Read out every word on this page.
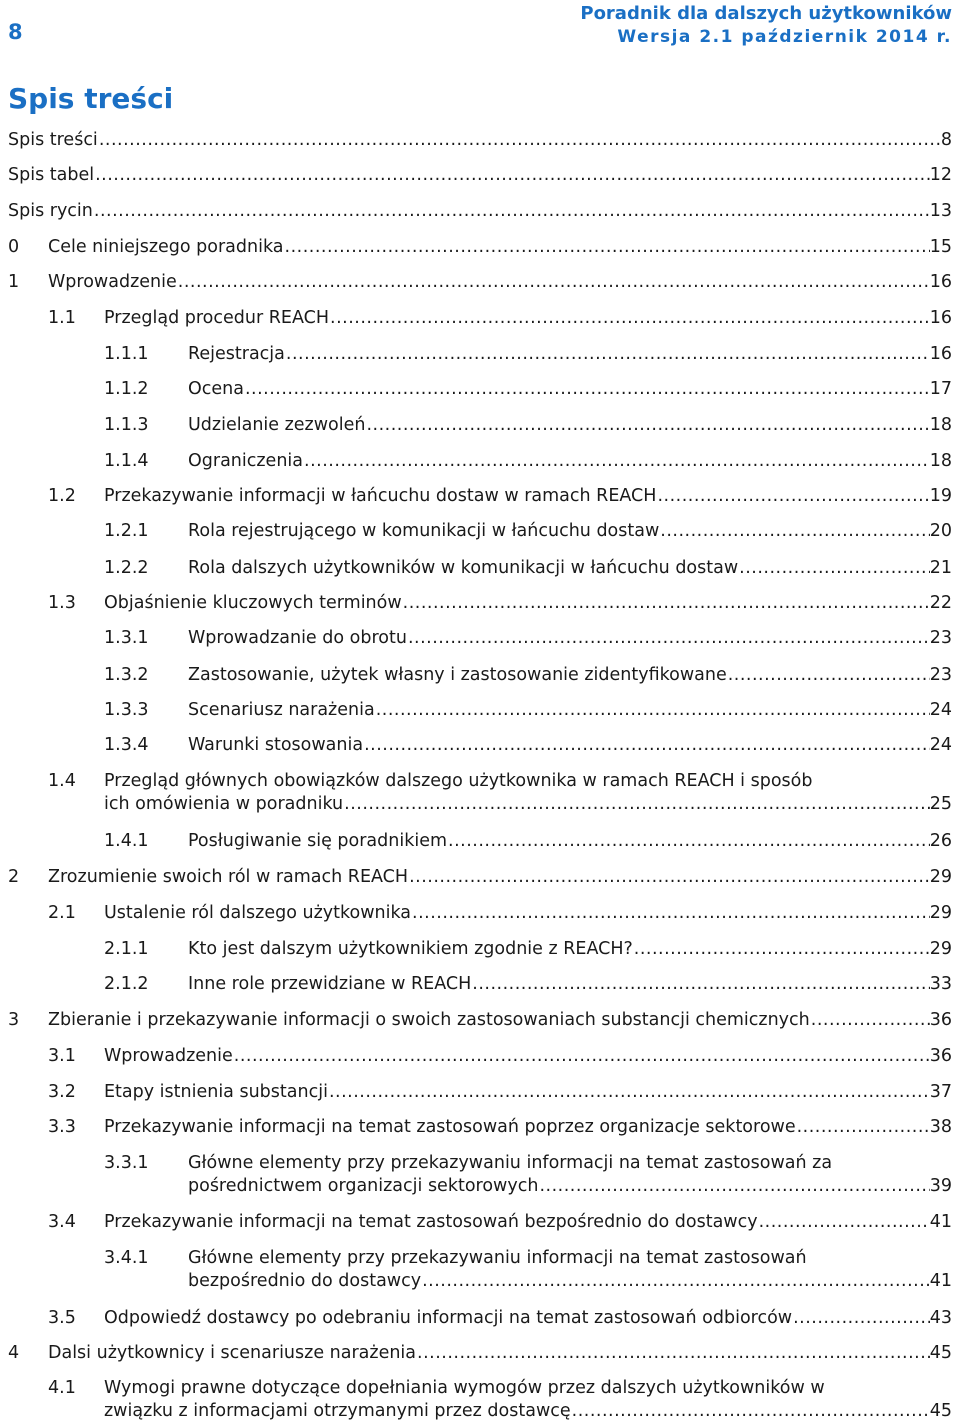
8
Poradnik dla dalszych użytkowników
Wersja 2.1 październik 2014 r.
Spis treści
Spis treści .....	8
Spis tabel .....	12
Spis rycin .....	13
0 Cele niniejszego poradnika .....	15
1 Wprowadzenie .....	16
1.1 Przegląd procedur REACH .....	16
1.1.1 Rejestracja .....	16
1.1.2 Ocena .....	17
1.1.3 Udzielanie zezwoleń .....	18
1.1.4 Ograniczenia .....	18
1.2 Przekazywanie informacji w łańcuchu dostaw w ramach REACH .....	19
1.2.1 Rola rejestrującego w komunikacji w łańcuchu dostaw .....	20
1.2.2 Rola dalszych użytkowników w komunikacji w łańcuchu dostaw .....	21
1.3 Objaśnienie kluczowych terminów .....	22
1.3.1 Wprowadzanie do obrotu .....	23
1.3.2 Zastosowanie, użytek własny i zastosowanie zidentyfikowane .....	23
1.3.3 Scenariusz narażenia .....	24
1.3.4 Warunki stosowania .....	24
1.4 Przegląd głównych obowiązków dalszego użytkownika w ramach REACH i sposób
ich omówienia w poradniku .....	25
1.4.1 Posługiwanie się poradnikiem .....	26
2 Zrozumienie swoich ról w ramach REACH .....	29
2.1 Ustalenie ról dalszego użytkownika .....	29
2.1.1 Kto jest dalszym użytkownikiem zgodnie z REACH? .....	29
2.1.2 Inne role przewidziane w REACH .....	33
3 Zbieranie i przekazywanie informacji o swoich zastosowaniach substancji chemicznych .....	36
3.1 Wprowadzenie .....	36
3.2 Etapy istnienia substancji .....	37
3.3 Przekazywanie informacji na temat zastosowań poprzez organizacje sektorowe .....	38
3.3.1 Główne elementy przy przekazywaniu informacji na temat zastosowań za
pośrednictwem organizacji sektorowych .....	39
3.4 Przekazywanie informacji na temat zastosowań bezpośrednio do dostawcy .....	41
3.4.1 Główne elementy przy przekazywaniu informacji na temat zastosowań
bezpośrednio do dostawcy .....	41
3.5 Odpowiedź dostawcy po odebraniu informacji na temat zastosowań odbiorców .....	43
4 Dalsi użytkownicy i scenariusze narażenia .....	45
4.1 Wymogi prawne dotyczące dopełniania wymogów przez dalszych użytkowników w
związku z informacjami otrzymanymi przez dostawcę .....	45
